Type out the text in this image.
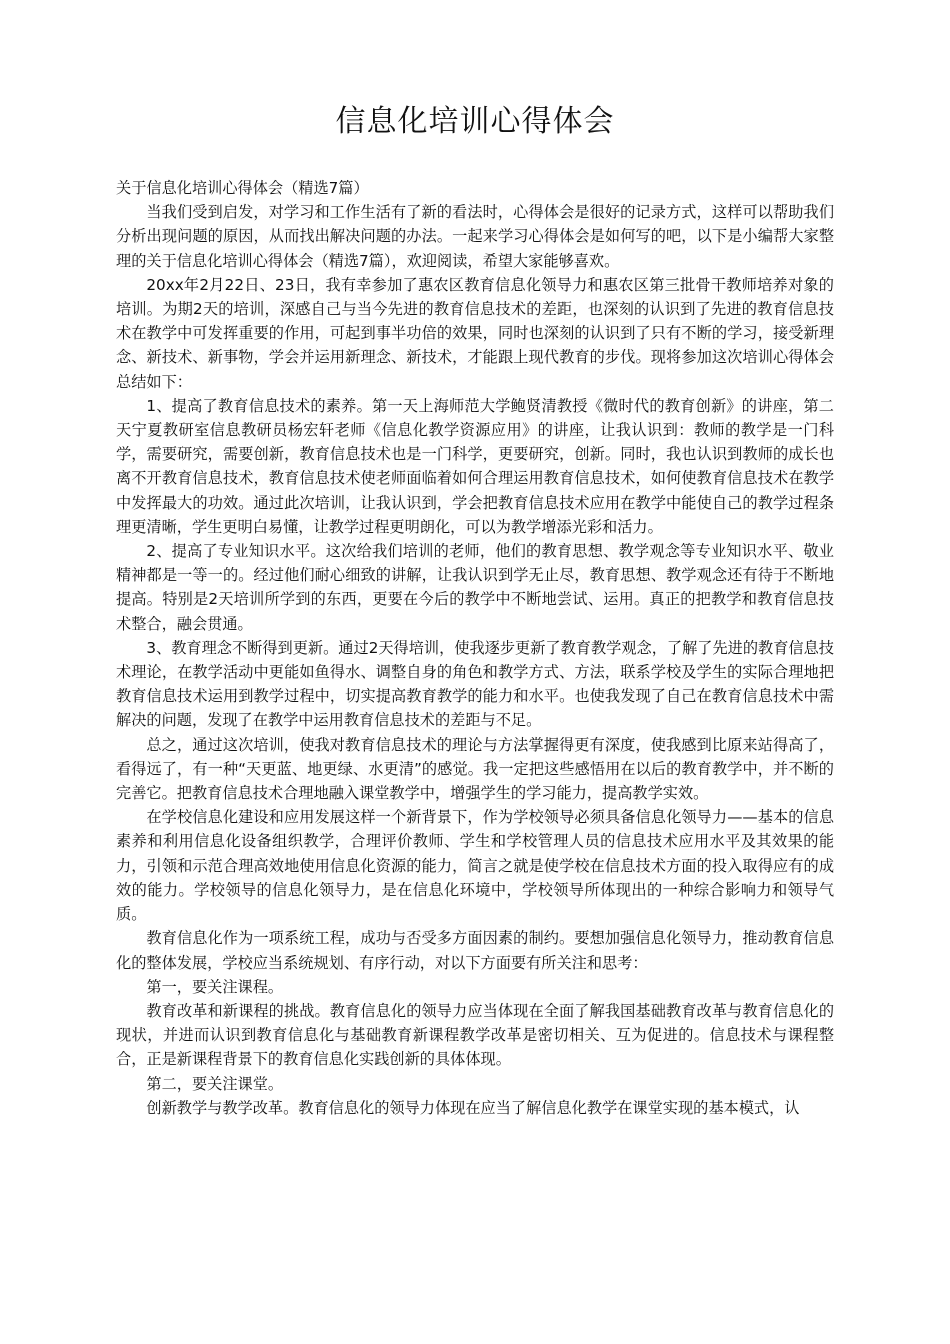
信息化培训心得体会

关于信息化培训心得体会（精选7篇）

当我们受到启发，对学习和工作生活有了新的看法时，心得体会是很好的记录方式，这样可以帮助我们分析出现问题的原因，从而找出解决问题的办法。一起来学习心得体会是如何写的吧，以下是小编帮大家整理的关于信息化培训心得体会（精选7篇），欢迎阅读，希望大家能够喜欢。

20xx年2月22日、23日，我有幸参加了惠农区教育信息化领导力和惠农区第三批骨干教师培养对象的培训。为期2天的培训，深感自己与当今先进的教育信息技术的差距，也深刻的认识到了先进的教育信息技术在教学中可发挥重要的作用，可起到事半功倍的效果，同时也深刻的认识到了只有不断的学习，接受新理念、新技术、新事物，学会并运用新理念、新技术，才能跟上现代教育的步伐。现将参加这次培训心得体会总结如下：

1、提高了教育信息技术的素养。第一天上海师范大学鲍贤清教授《微时代的教育创新》的讲座，第二天宁夏教研室信息教研员杨宏轩老师《信息化教学资源应用》的讲座，让我认识到：教师的教学是一门科学，需要研究，需要创新，教育信息技术也是一门科学，更要研究，创新。同时，我也认识到教师的成长也离不开教育信息技术，教育信息技术使老师面临着如何合理运用教育信息技术，如何使教育信息技术在教学中发挥最大的功效。通过此次培训，让我认识到，学会把教育信息技术应用在教学中能使自己的教学过程条理更清晰，学生更明白易懂，让教学过程更明朗化，可以为教学增添光彩和活力。

2、提高了专业知识水平。这次给我们培训的老师，他们的教育思想、教学观念等专业知识水平、敬业精神都是一等一的。经过他们耐心细致的讲解，让我认识到学无止尽，教育思想、教学观念还有待于不断地提高。特别是2天培训所学到的东西，更要在今后的教学中不断地尝试、运用。真正的把教学和教育信息技术整合，融会贯通。

3、教育理念不断得到更新。通过2天得培训，使我逐步更新了教育教学观念，了解了先进的教育信息技术理论，在教学活动中更能如鱼得水、调整自身的角色和教学方式、方法，联系学校及学生的实际合理地把教育信息技术运用到教学过程中，切实提高教育教学的能力和水平。也使我发现了自己在教育信息技术中需解决的问题，发现了在教学中运用教育信息技术的差距与不足。

总之，通过这次培训，使我对教育信息技术的理论与方法掌握得更有深度，使我感到比原来站得高了，看得远了，有一种“天更蓝、地更绿、水更清”的感觉。我一定把这些感悟用在以后的教育教学中，并不断的完善它。把教育信息技术合理地融入课堂教学中，增强学生的学习能力，提高教学实效。

在学校信息化建设和应用发展这样一个新背景下，作为学校领导必须具备信息化领导力——基本的信息素养和利用信息化设备组织教学，合理评价教师、学生和学校管理人员的信息技术应用水平及其效果的能力，引领和示范合理高效地使用信息化资源的能力，简言之就是使学校在信息技术方面的投入取得应有的成效的能力。学校领导的信息化领导力，是在信息化环境中，学校领导所体现出的一种综合影响力和领导气质。

教育信息化作为一项系统工程，成功与否受多方面因素的制约。要想加强信息化领导力，推动教育信息化的整体发展，学校应当系统规划、有序行动，对以下方面要有所关注和思考：

第一，要关注课程。

教育改革和新课程的挑战。教育信息化的领导力应当体现在全面了解我国基础教育改革与教育信息化的现状，并进而认识到教育信息化与基础教育新课程教学改革是密切相关、互为促进的。信息技术与课程整合，正是新课程背景下的教育信息化实践创新的具体体现。

第二，要关注课堂。

创新教学与教学改革。教育信息化的领导力体现在应当了解信息化教学在课堂实现的基本模式，认
